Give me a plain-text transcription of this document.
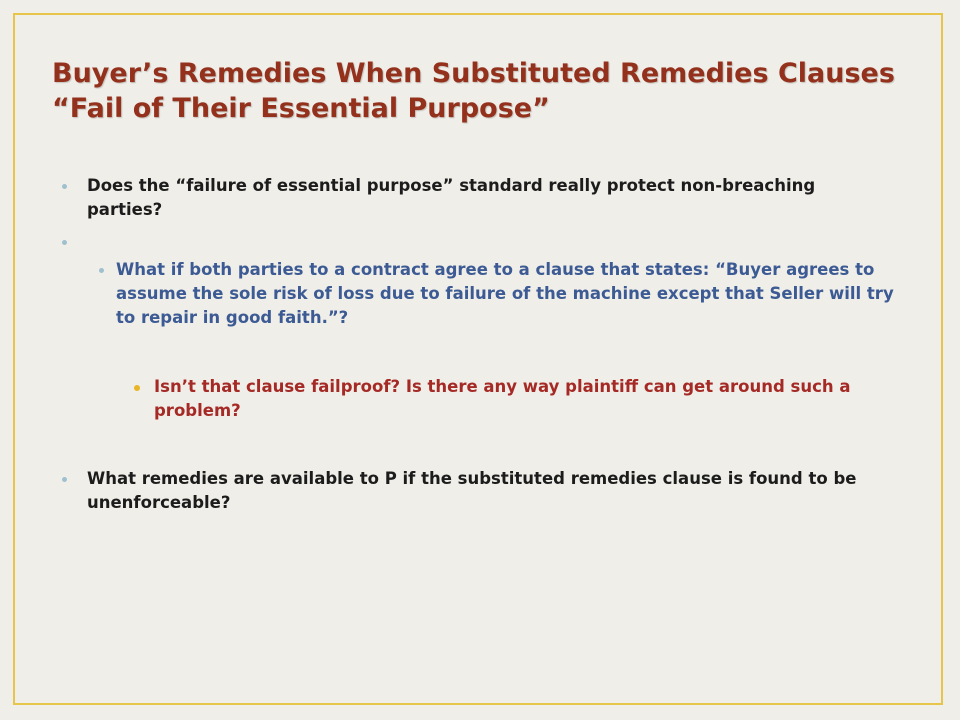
Buyer’s Remedies When Substituted Remedies Clauses “Fail of Their Essential Purpose”

Does the “failure of essential purpose” standard really protect non-breaching parties?

What if both parties to a contract agree to a clause that states: “Buyer agrees to assume the sole risk of loss due to failure of the machine except that Seller will try to repair in good faith.”?

Isn’t that clause failproof? Is there any way plaintiff can get around such a problem?

What remedies are available to P if the substituted remedies clause is found to be unenforceable?
